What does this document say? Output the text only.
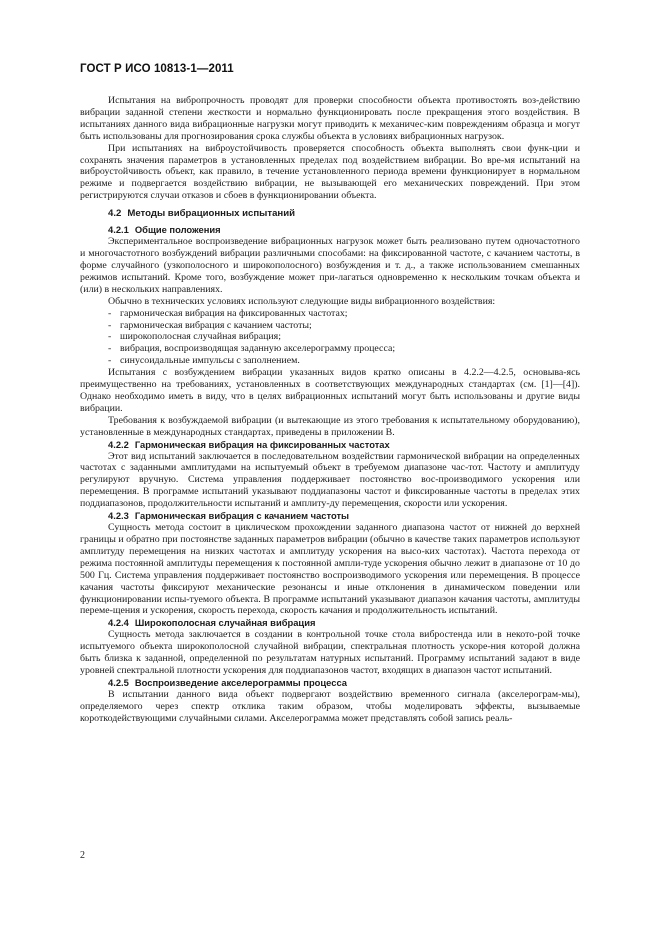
ГОСТ Р ИСО 10813-1—2011

Испытания на вибропрочность проводят для проверки способности объекта противостоять воз-действию вибрации заданной степени жесткости и нормально функционировать после прекращения этого воздействия. В испытаниях данного вида вибрационные нагрузки могут приводить к механичес-ким повреждениям образца и могут быть использованы для прогнозирования срока службы объекта в условиях вибрационных нагрузок.

При испытаниях на виброустойчивость проверяется способность объекта выполнять свои функ-ции и сохранять значения параметров в установленных пределах под воздействием вибрации. Во вре-мя испытаний на виброустойчивость объект, как правило, в течение установленного периода времени функционирует в нормальном режиме и подвергается воздействию вибрации, не вызывающей его механических повреждений. При этом регистрируются случаи отказов и сбоев в функционировании объекта.

4.2 Методы вибрационных испытаний
4.2.1 Общие положения

Экспериментальное воспроизведение вибрационных нагрузок может быть реализовано путем одночастотного и многочастотного возбуждений вибрации различными способами: на фиксированной частоте, с качанием частоты, в форме случайного (узкополосного и широкополосного) возбуждения и т. д., а также использованием смешанных режимов испытаний. Кроме того, возбуждение может при-лагаться одновременно к нескольким точкам объекта и (или) в нескольких направлениях.

Обычно в технических условиях используют следующие виды вибрационного воздействия:

- гармоническая вибрация на фиксированных частотах;
- гармоническая вибрация с качанием частоты;
- широкополосная случайная вибрация;
- вибрация, воспроизводящая заданную акселерограмму процесса;
- синусоидальные импульсы с заполнением.

Испытания с возбуждением вибрации указанных видов кратко описаны в 4.2.2—4.2.5, основыва-ясь преимущественно на требованиях, установленных в соответствующих международных стандартах (см. [1]—[4]). Однако необходимо иметь в виду, что в целях вибрационных испытаний могут быть использованы и другие виды вибрации.

Требования к возбуждаемой вибрации (и вытекающие из этого требования к испытательному оборудованию), установленные в международных стандартах, приведены в приложении В.

4.2.2 Гармоническая вибрация на фиксированных частотах

Этот вид испытаний заключается в последовательном воздействии гармонической вибрации на определенных частотах с заданными амплитудами на испытуемый объект в требуемом диапазоне час-тот. Частоту и амплитуду регулируют вручную. Система управления поддерживает постоянство вос-производимого ускорения или перемещения. В программе испытаний указывают поддиапазоны частот и фиксированные частоты в пределах этих поддиапазонов, продолжительности испытаний и амплиту-ду перемещения, скорости или ускорения.

4.2.3 Гармоническая вибрация с качанием частоты

Сущность метода состоит в циклическом прохождении заданного диапазона частот от нижней до верхней границы и обратно при постоянстве заданных параметров вибрации (обычно в качестве таких параметров используют амплитуду перемещения на низких частотах и амплитуду ускорения на высо-ких частотах). Частота перехода от режима постоянной амплитуды перемещения к постоянной ампли-туде ускорения обычно лежит в диапазоне от 10 до 500 Гц. Система управления поддерживает постоянство воспроизводимого ускорения или перемещения. В процессе качания частоты фиксируют механические резонансы и иные отклонения в динамическом поведении или функционировании испы-туемого объекта. В программе испытаний указывают диапазон качания частоты, амплитуды переме-щения и ускорения, скорость перехода, скорость качания и продолжительность испытаний.

4.2.4 Широкополосная случайная вибрация

Сущность метода заключается в создании в контрольной точке стола вибростенда или в некото-рой точке испытуемого объекта широкополосной случайной вибрации, спектральная плотность ускоре-ния которой должна быть близка к заданной, определенной по результатам натурных испытаний. Программу испытаний задают в виде уровней спектральной плотности ускорения для поддиапазонов частот, входящих в диапазон частот испытаний.

4.2.5 Воспроизведение акселерограммы процесса

В испытании данного вида объект подвергают воздействию временного сигнала (акселерограм-мы), определяемого через спектр отклика таким образом, чтобы моделировать эффекты, вызываемые короткодействующими случайными силами. Акселерограмма может представлять собой запись реаль-

2
